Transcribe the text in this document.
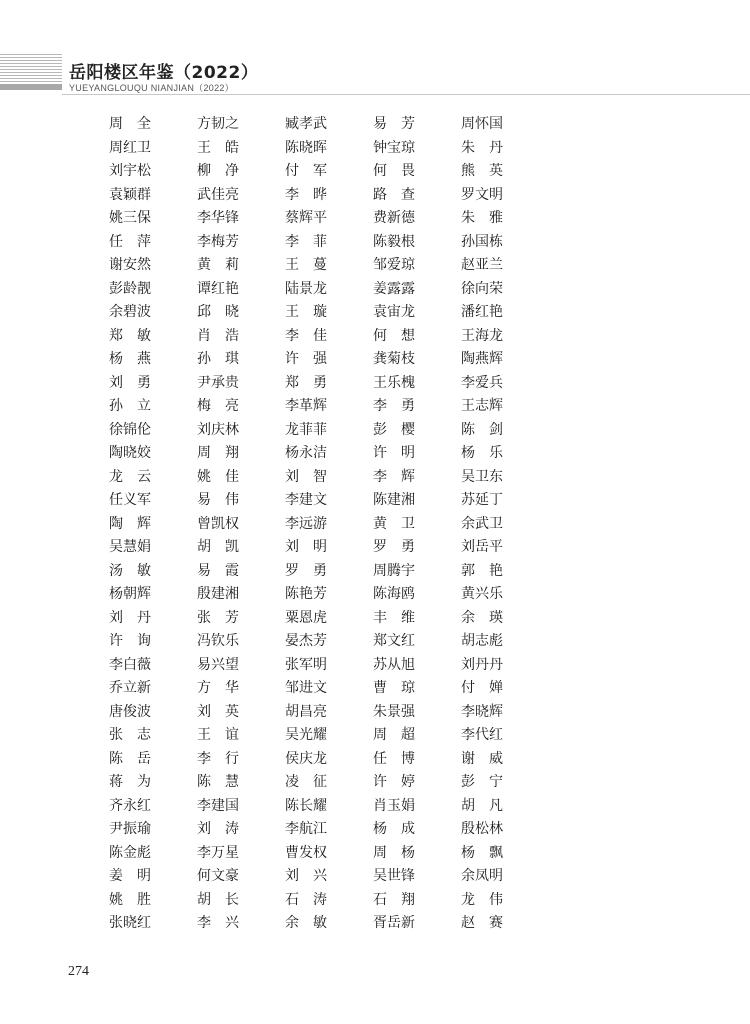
岳阳楼区年鉴（2022）
YUEYANGLOUQU NIANJIAN（2022）
周　全	方韧之	臧孝武	易　芳	周怀国
周红卫	王　皓	陈晓晖	钟宝琼	朱　丹
刘宇松	柳　净	付　军	何　畏	熊　英
袁颖群	武佳亮	李　晔	路　查	罗文明
姚三保	李华锋	蔡辉平	费新德	朱　雅
任　萍	李梅芳	李　菲	陈毅根	孙国栋
谢安然	黄　莉	王　蔓	邹爱琼	赵亚兰
彭龄靓	谭红艳	陆景龙	姜露露	徐向荣
余碧波	邱　晓	王　璇	袁宙龙	潘红艳
郑　敏	肖　浩	李　佳	何　想	王海龙
杨　燕	孙　琪	许　强	龚菊枝	陶燕辉
刘　勇	尹承贵	郑　勇	王乐槐	李爱兵
孙　立	梅　亮	李革辉	李　勇	王志辉
徐锦伦	刘庆林	龙菲菲	彭　樱	陈　剑
陶晓姣	周　翔	杨永洁	许　明	杨　乐
龙　云	姚　佳	刘　智	李　辉	吴卫东
任义军	易　伟	李建文	陈建湘	苏延丁
陶　辉	曾凯权	李远游	黄　卫	余武卫
吴慧娟	胡　凯	刘　明	罗　勇	刘岳平
汤　敏	易　霞	罗　勇	周腾宇	郭　艳
杨朝辉	殷建湘	陈艳芳	陈海鸥	黄兴乐
刘　丹	张　芳	粟恩虎	丰　维	余　瑛
许　询	冯钦乐	晏杰芳	郑文红	胡志彪
李白薇	易兴望	张军明	苏从旭	刘丹丹
乔立新	方　华	邹进文	曹　琼	付　婵
唐俊波	刘　英	胡昌亮	朱景强	李晓辉
张　志	王　谊	吴光耀	周　超	李代红
陈　岳	李　行	侯庆龙	任　博	谢　威
蒋　为	陈　慧	凌　征	许　婷	彭　宁
齐永红	李建国	陈长耀	肖玉娟	胡　凡
尹振瑜	刘　涛	李航江	杨　成	殷松林
陈金彪	李万星	曹发权	周　杨	杨　飘
姜　明	何文豪	刘　兴	吴世锋	余凤明
姚　胜	胡　长	石　涛	石　翔	龙　伟
张晓红	李　兴	余　敏	胥岳新	赵　赛
274
